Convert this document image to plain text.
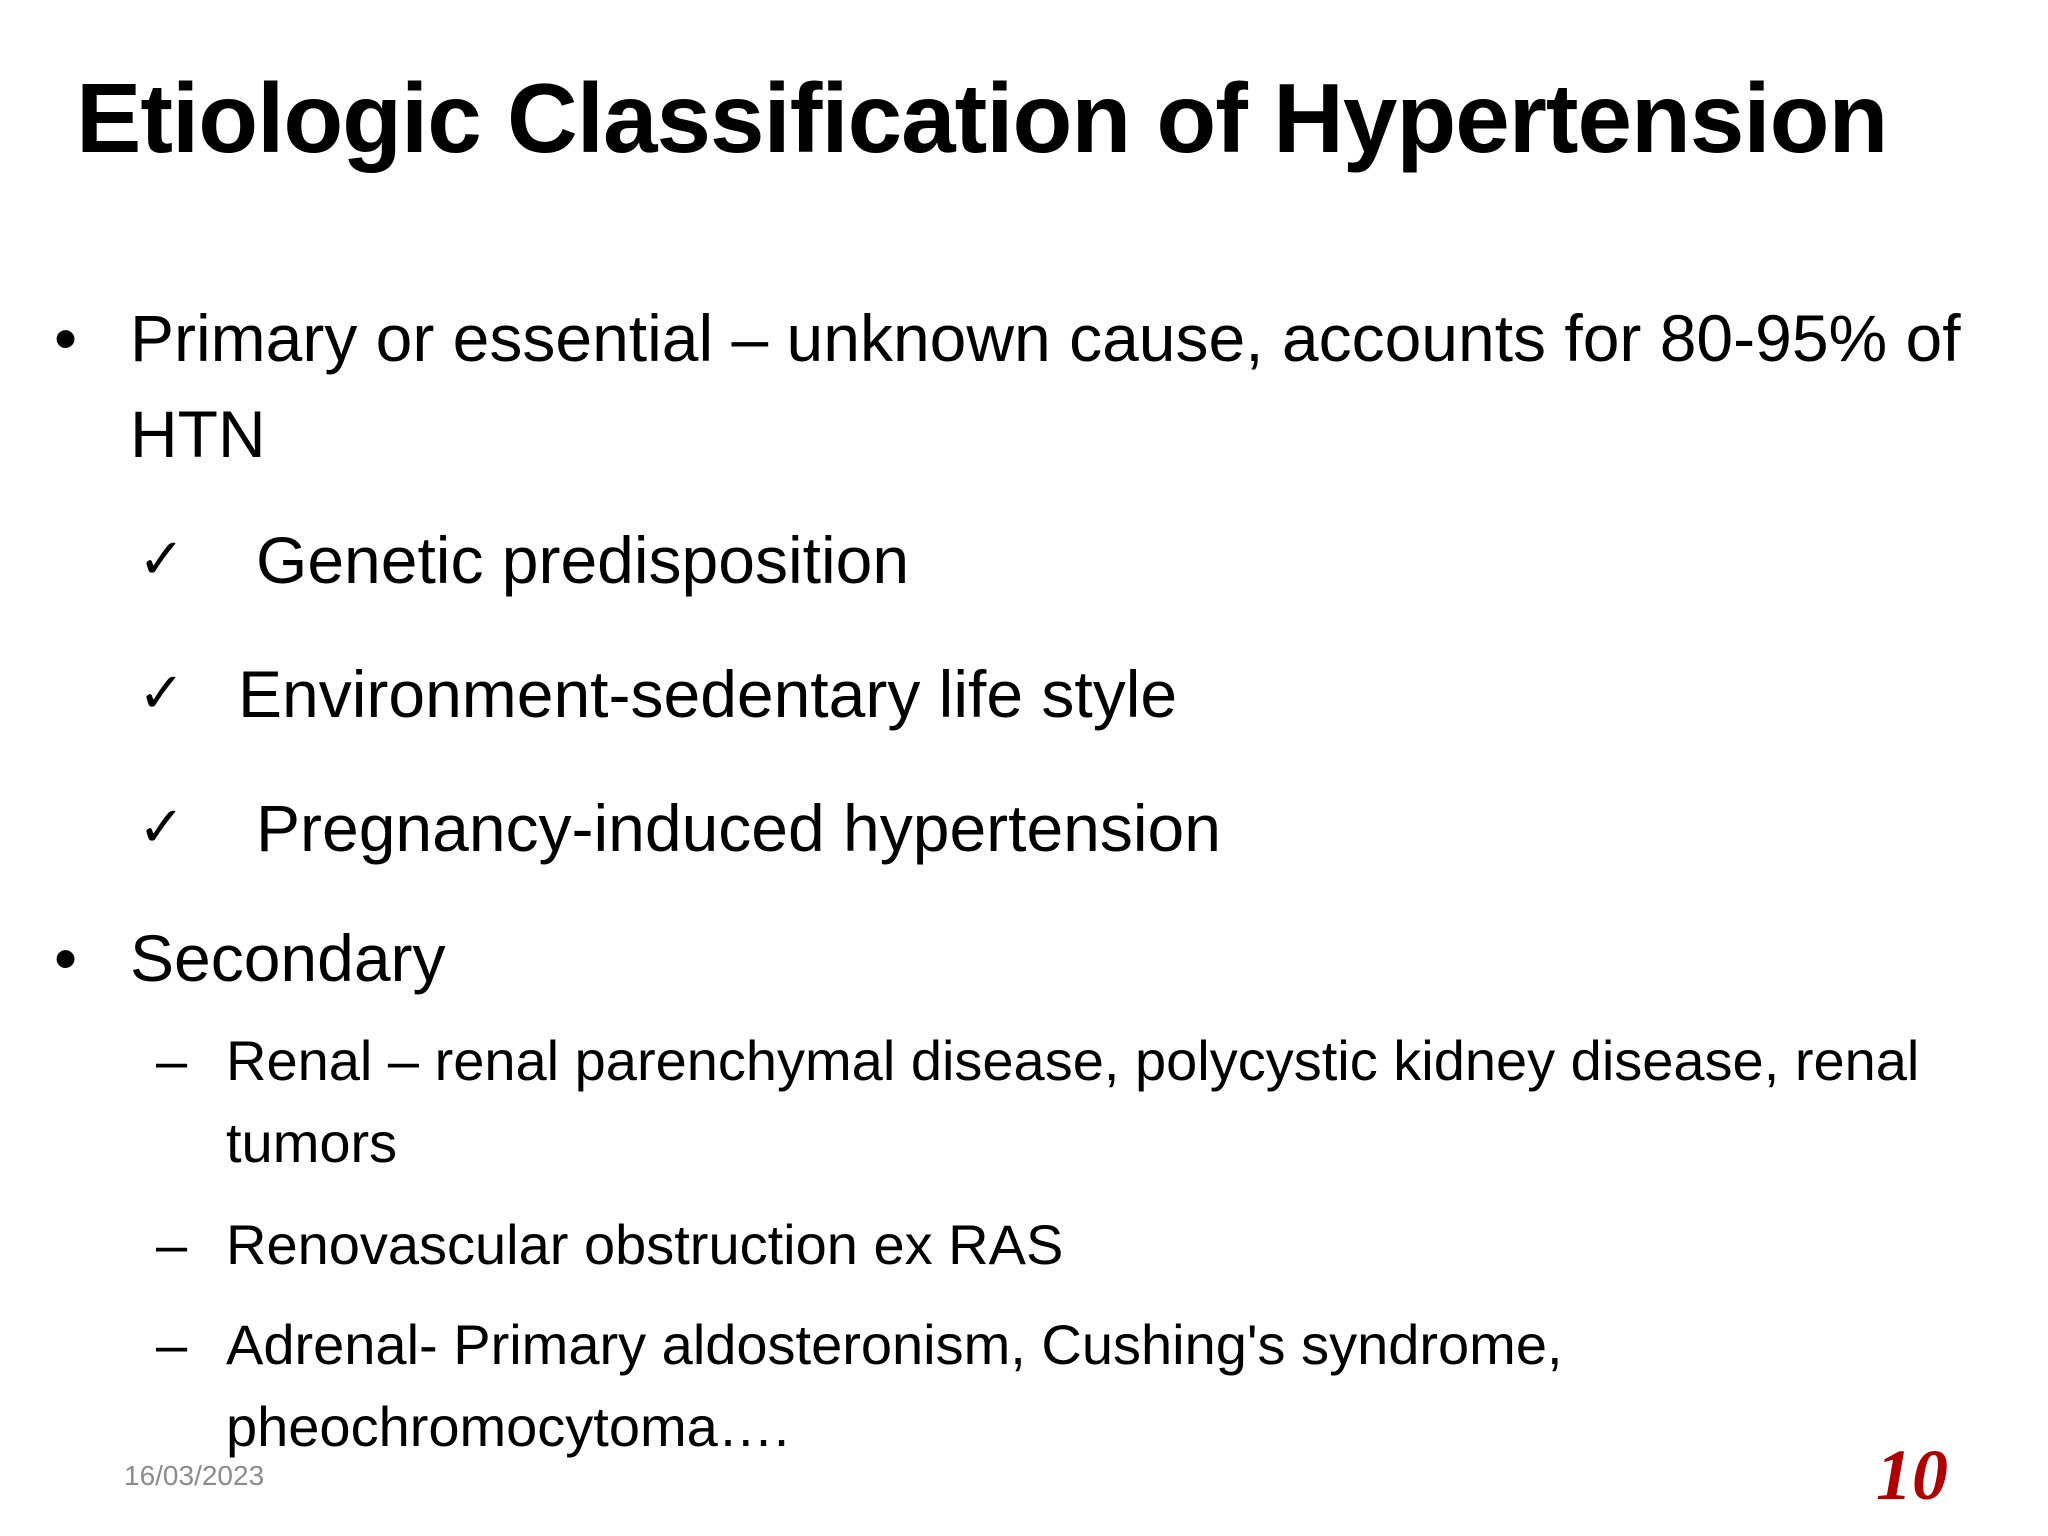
Etiologic Classification of Hypertension
• Primary or essential – unknown cause, accounts for 80-95% of HTN
✓ Genetic predisposition
✓ Environment-sedentary life style
✓ Pregnancy-induced hypertension
• Secondary
– Renal – renal parenchymal disease, polycystic kidney disease, renal tumors
– Renovascular obstruction ex RAS
– Adrenal- Primary aldosteronism, Cushing's syndrome, pheochromocytoma….
16/03/2023	10
